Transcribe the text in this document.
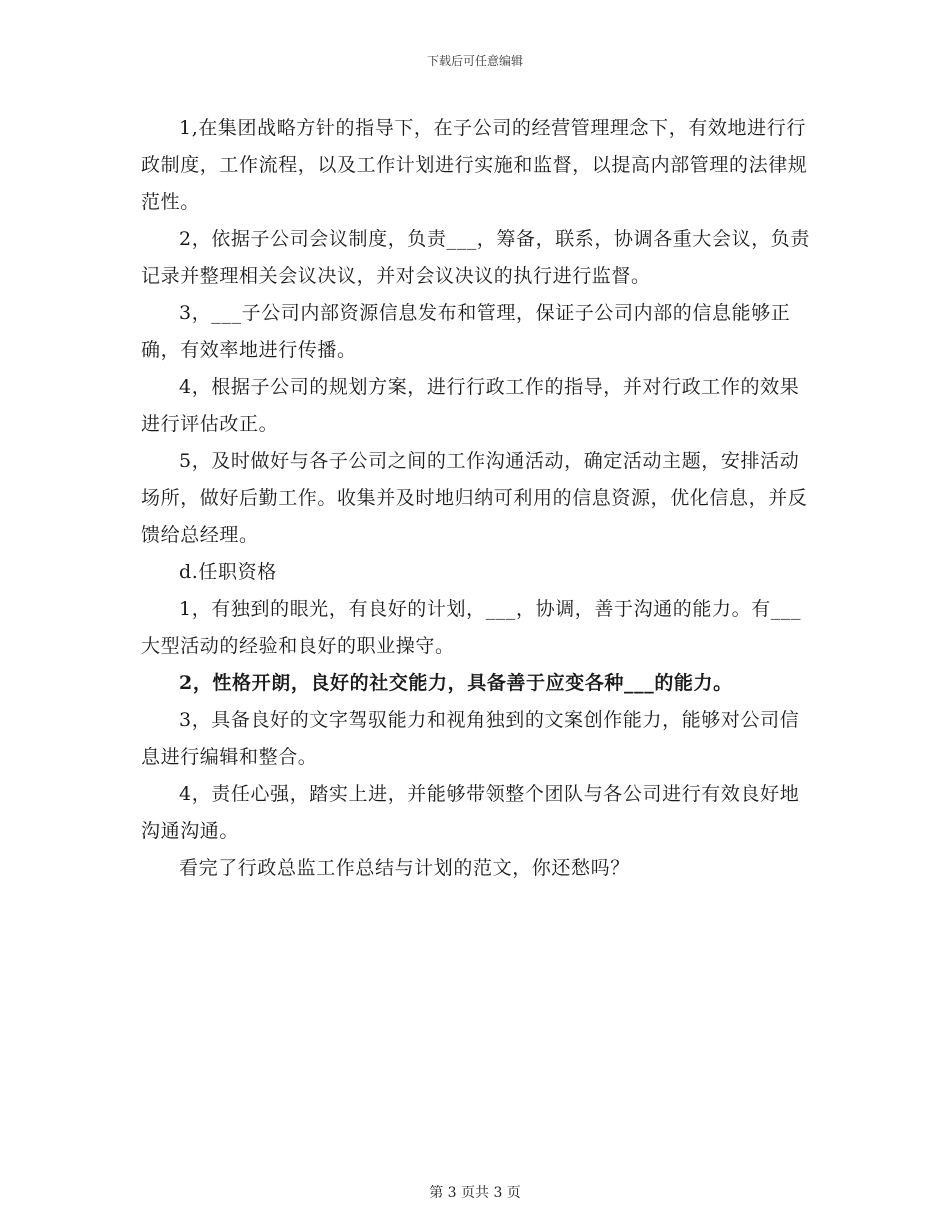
下载后可任意编辑

1,在集团战略方针的指导下，在子公司的经营管理理念下，有效地进行行政制度，工作流程，以及工作计划进行实施和监督，以提高内部管理的法律规范性。

2，依据子公司会议制度，负责___，筹备，联系，协调各重大会议，负责记录并整理相关会议决议，并对会议决议的执行进行监督。

3，___子公司内部资源信息发布和管理，保证子公司内部的信息能够正确，有效率地进行传播。

4，根据子公司的规划方案，进行行政工作的指导，并对行政工作的效果进行评估改正。

5，及时做好与各子公司之间的工作沟通活动，确定活动主题，安排活动场所，做好后勤工作。收集并及时地归纳可利用的信息资源，优化信息，并反馈给总经理。

d.任职资格

1，有独到的眼光，有良好的计划，___，协调，善于沟通的能力。有___大型活动的经验和良好的职业操守。

2，性格开朗，良好的社交能力，具备善于应变各种___的能力。

3，具备良好的文字驾驭能力和视角独到的文案创作能力，能够对公司信息进行编辑和整合。

4，责任心强，踏实上进，并能够带领整个团队与各公司进行有效良好地沟通沟通。

看完了行政总监工作总结与计划的范文，你还愁吗？

第 3 页共 3 页
